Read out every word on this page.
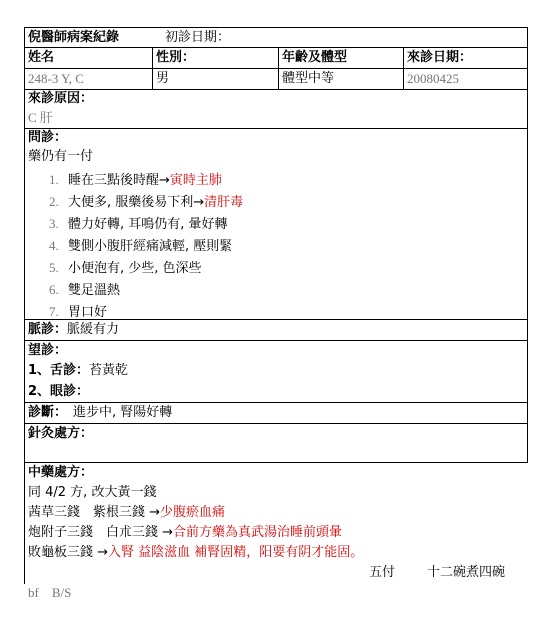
倪醫師病案紀錄	初診日期：
姓名	性別：	年齡及體型	來診日期：
248-3 Y, C	男	體型中等	20080425
來診原因：
C 肝
問診：
藥仍有一付
1. 睡在三點後時醒→寅時主肺
2. 大便多, 服藥後易下利→清肝毒
3. 體力好轉, 耳鳴仍有, 暈好轉
4. 雙側小腹肝經痛減輕, 壓則緊
5. 小便泡有, 少些, 色深些
6. 雙足溫熱
7. 胃口好
脈診：脈緩有力
望診：
1、舌診：苔黃乾
2、眼診：
診斷： 進步中, 腎陽好轉
針灸處方：
中藥處方：
同 4/2 方, 改大黃一錢
茜草三錢　紫根三錢 →少腹瘀血痛
炮附子三錢　白朮三錢 →合前方藥為真武湯治睡前頭暈
敗龜板三錢 →入腎 益陰滋血 補腎固精，阳要有阴才能固。
五付 十二碗煮四碗
bf    B/S
